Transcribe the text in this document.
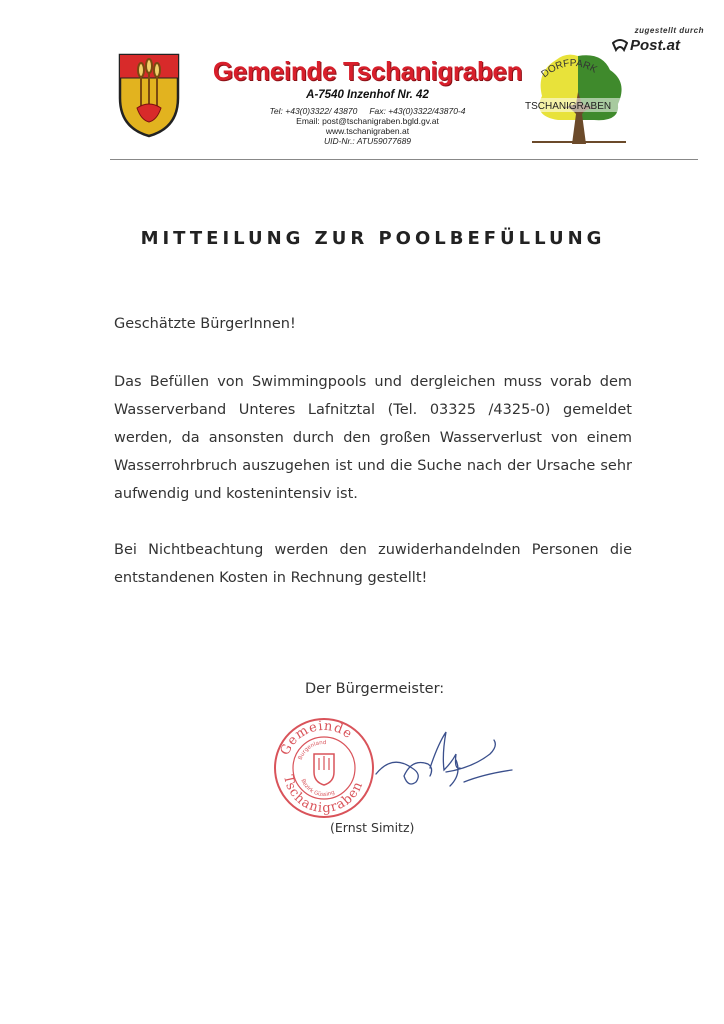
zugestellt durch
Post.at
Gemeinde Tschanigraben
A-7540 Inzenhof Nr. 42
Tel: +43(0)3322/ 43870 Fax: +43(0)3322/43870-4
Email: post@tschanigraben.bgld.gv.at
www.tschanigraben.at
UID-Nr.: ATU59077689
DORFPARK
TSCHANIGRABEN
MITTEILUNG ZUR POOLBEFÜLLUNG
Geschätzte BürgerInnen!
Das Befüllen von Swimmingpools und dergleichen muss vorab dem Wasserverband Unteres Lafnitztal (Tel. 03325 /4325-0) gemeldet werden, da ansonsten durch den großen Wasserverlust von einem Wasserrohrbruch auszugehen ist und die Suche nach der Ursache sehr aufwendig und kostenintensiv ist.
Bei Nichtbeachtung werden den zuwiderhandelnden Personen die entstandenen Kosten in Rechnung gestellt!
Der Bürgermeister:
Gemeinde
Tschanigraben
Burgenland
Bezirk Güssing
(Ernst Simitz)
